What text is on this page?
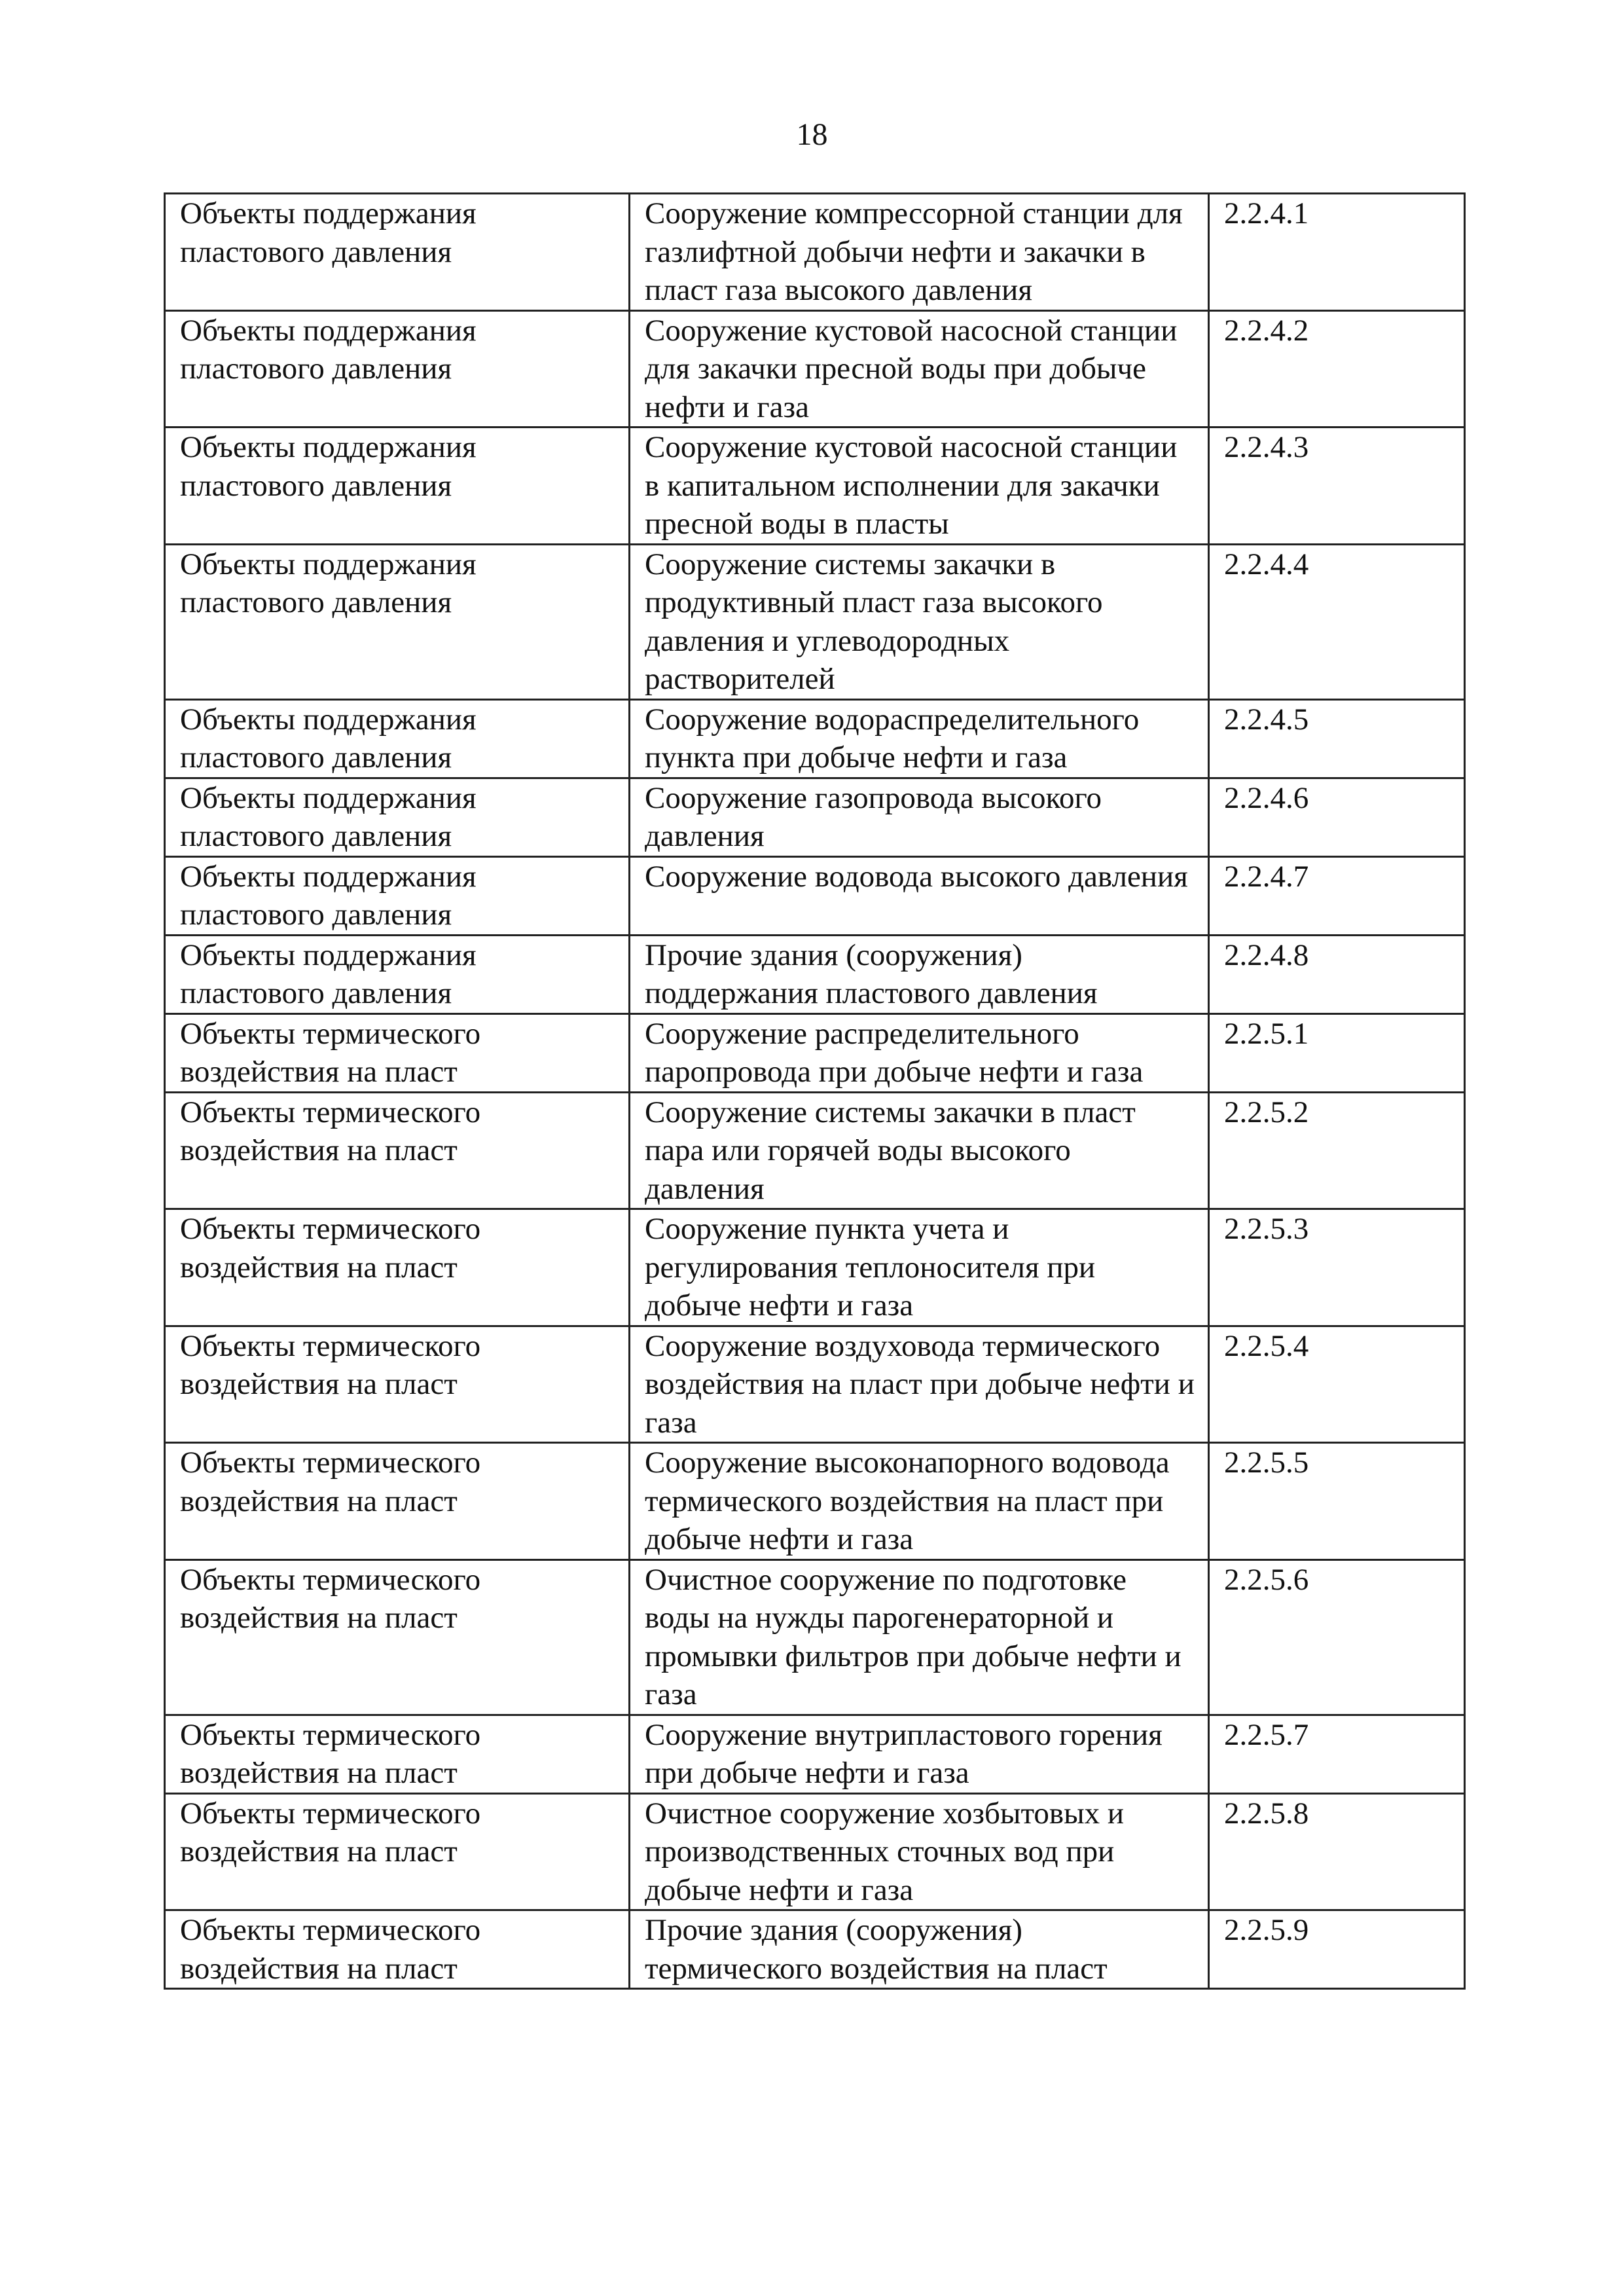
18
Объекты поддержания пластового давления	Сооружение компрессорной станции для газлифтной добычи нефти и закачки в пласт газа высокого давления	2.2.4.1
Объекты поддержания пластового давления	Сооружение кустовой насосной станции для закачки пресной воды при добыче нефти и газа	2.2.4.2
Объекты поддержания пластового давления	Сооружение кустовой насосной станции в капитальном исполнении для закачки пресной воды в пласты	2.2.4.3
Объекты поддержания пластового давления	Сооружение системы закачки в продуктивный пласт газа высокого давления и углеводородных растворителей	2.2.4.4
Объекты поддержания пластового давления	Сооружение водораспределительного пункта при добыче нефти и газа	2.2.4.5
Объекты поддержания пластового давления	Сооружение газопровода высокого давления	2.2.4.6
Объекты поддержания пластового давления	Сооружение водовода высокого давления	2.2.4.7
Объекты поддержания пластового давления	Прочие здания (сооружения) поддержания пластового давления	2.2.4.8
Объекты термического воздействия на пласт	Сооружение распределительного паропровода при добыче нефти и газа	2.2.5.1
Объекты термического воздействия на пласт	Сооружение системы закачки в пласт пара или горячей воды высокого давления	2.2.5.2
Объекты термического воздействия на пласт	Сооружение пункта учета и регулирования теплоносителя при добыче нефти и газа	2.2.5.3
Объекты термического воздействия на пласт	Сооружение воздуховода термического воздействия на пласт при добыче нефти и газа	2.2.5.4
Объекты термического воздействия на пласт	Сооружение высоконапорного водовода термического воздействия на пласт при добыче нефти и газа	2.2.5.5
Объекты термического воздействия на пласт	Очистное сооружение по подготовке воды на нужды парогенераторной и промывки фильтров при добыче нефти и газа	2.2.5.6
Объекты термического воздействия на пласт	Сооружение внутрипластового горения при добыче нефти и газа	2.2.5.7
Объекты термического воздействия на пласт	Очистное сооружение хозбытовых и производственных сточных вод при добыче нефти и газа	2.2.5.8
Объекты термического воздействия на пласт	Прочие здания (сооружения) термического воздействия на пласт	2.2.5.9
